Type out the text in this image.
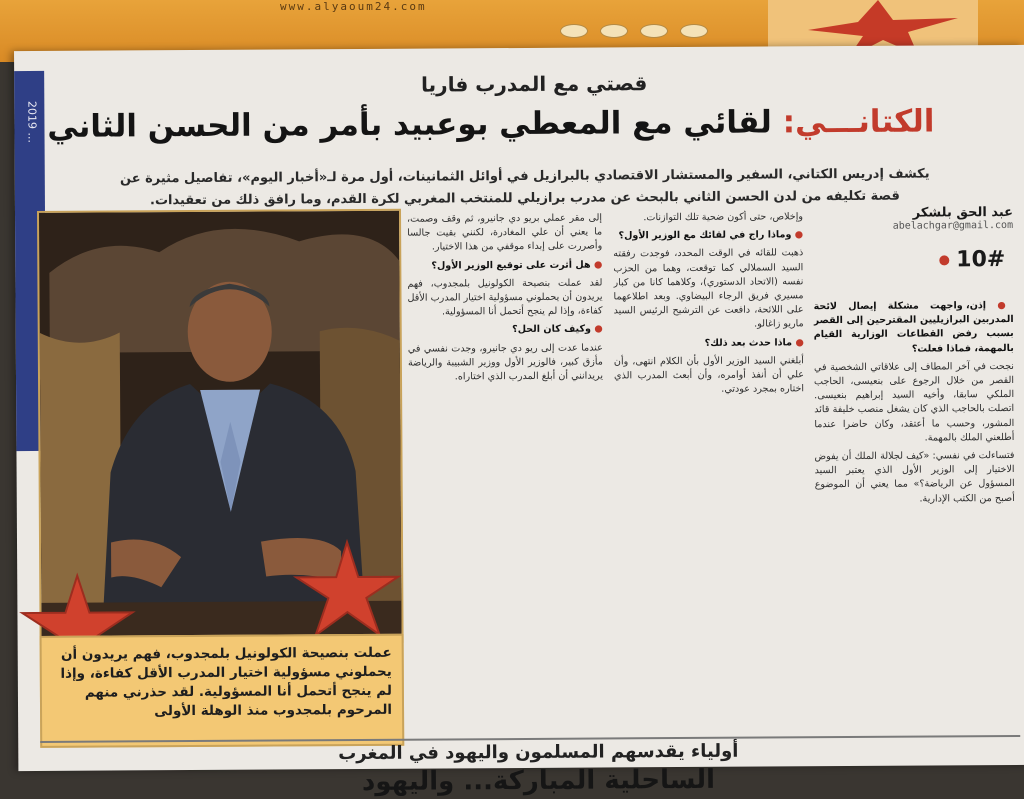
www.alyaoum24.com
2019 ...
قصتي مع المدرب فاريا
الكتانـــي: لقائي مع المعطي بوعبيد بأمر من الحسن الثاني
يكشف إدريس الكتاني، السفير والمستشار الاقتصادي بالبرازيل في أوائل الثمانينات، أول مرة لـ«أخبار اليوم»، تفاصيل مثيرة عن قصة تكليفه من لدن الحسن الثاني بالبحث عن مدرب برازيلي للمنتخب المغربي لكرة القدم، وما رافق ذلك من تعقيدات.

عملت بنصيحة الكولونيل بلمجدوب، فهم يريدون أن يحملوني مسؤولية اختيار المدرب الأقل كفاءة، وإذا لم ينجح أتحمل أنا المسؤولية. لقد حذرني منهم المرحوم بلمجدوب منذ الوهلة الأولى

عبد الحق بلشكر
abelachgar@gmail.com
10#

● إذن، واجهت مشكلة إيصال لائحة المدربين البرازيليين المقترحين إلى القصر بسبب رفض القطاعات الوزارية القيام بالمهمة، فماذا فعلت؟

نجحت في آخر المطاف إلى علاقاتي الشخصية في القصر من خلال الرجوع على بنعيسى، الحاجب الملكي سابقا، وأخيه السيد إبراهيم بنعيسى. اتصلت بالحاجب الذي كان يشغل منصب خليفة قائد المشور، وحسب ما أعتقد، وكان حاضرا عندما أطلعني الملك بالمهمة.

فتساءلت في نفسي: «كيف لجلالة الملك أن يفوض الاختيار إلى الوزير الأول الذي يعتبر السيد المسؤول عن الرياضة؟» مما يعني أن الموضوع أصبح من الكتب الإدارية.

وإخلاص، حتى أكون ضحية تلك التوازنات.

● وماذا راج في لقائك مع الوزير الأول؟

ذهبت للقائه في الوقت المحدد، فوجدت رفقته السيد السملالي كما توقعت، وهما من الحزب نفسه (الاتحاد الدستوري)، وكلاهما كانا من كبار مسيري فريق الرجاء البيضاوي. وبعد اطلاعهما على اللائحة، دافعت عن الترشيح الرئيس السيد ماريو زاغالو.

● ماذا حدث بعد ذلك؟

أبلغني السيد الوزير الأول بأن الكلام انتهى، وأن علي أن أنفذ أوامره، وأن أبعث المدرب الذي اختاره بمجرد عودتي.

إلى مقر عملي بريو دي جانيرو، ثم وقف وصمت، ما يعني أن علي المغادرة، لكنني بقيت جالسا وأصررت على إبداء موقفي من هذا الاختيار.

● هل أثرت على توقيع الوزير الأول؟

لقد عملت بنصيحة الكولونيل بلمجدوب، فهم يريدون أن يحملوني مسؤولية اختيار المدرب الأقل كفاءة، وإذا لم ينجح أتحمل أنا المسؤولية.

● وكيف كان الحل؟

عندما عدت إلى ريو دي جانيرو، وجدت نفسي في مأزق كبير، فالوزير الأول ووزير الشبيبة والرياضة يريدانني أن أبلغ المدرب الذي اختاراه.

أولياء يقدسهم المسلمون واليهود في المغرب
الساحلية المباركة... واليهود
